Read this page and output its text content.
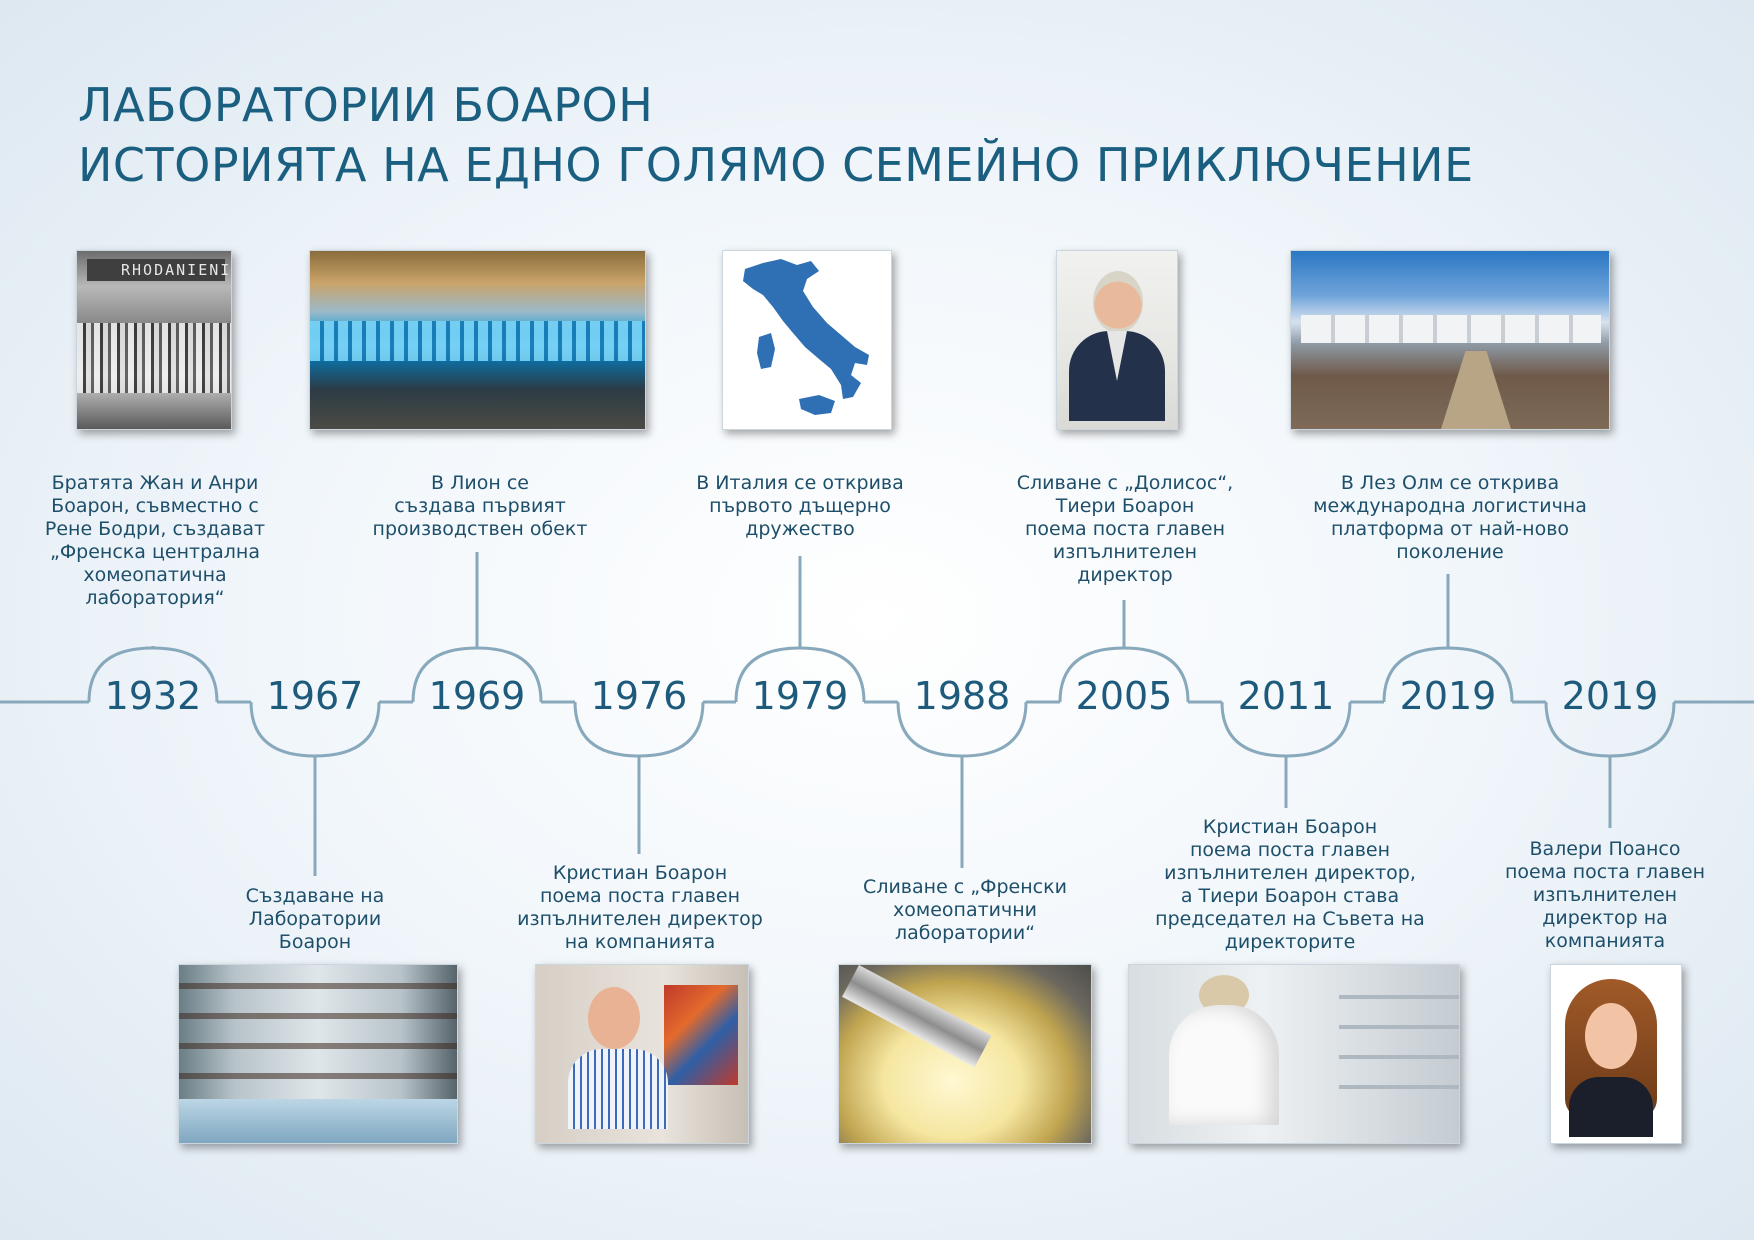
ЛАБОРАТОРИИ БОАРОН
ИСТОРИЯТА НА ЕДНО ГОЛЯМО СЕМЕЙНО ПРИКЛЮЧЕНИЕ
1932	1967	1969	1976	1979	1988	2005	2011	2019	2019
Братята Жан и Анри
Боарон, съвместно с
Рене Бодри, създават
„Френска централна
хомеопатична
лаборатория“
Създаване на
Лаборатории
Боарон
В Лион се
създава първият
производствен обект
Кристиан Боарон
поема поста главен
изпълнителен директор
на компанията
В Италия се открива
първото дъщерно
дружество
Сливане с „Френски
хомеопатични
лаборатории“
Сливане с „Долисос“,
Тиери Боарон
поема поста главен
изпълнителен
директор
Кристиан Боарон
поема поста главен
изпълнителен директор,
а Тиери Боарон става
председател на Съвета на
директорите
В Лез Олм се открива
международна логистична
платформа от най-ново
поколение
Валери Поансо
поема поста главен
изпълнителен
директор на
компанията
RHODANIENI
